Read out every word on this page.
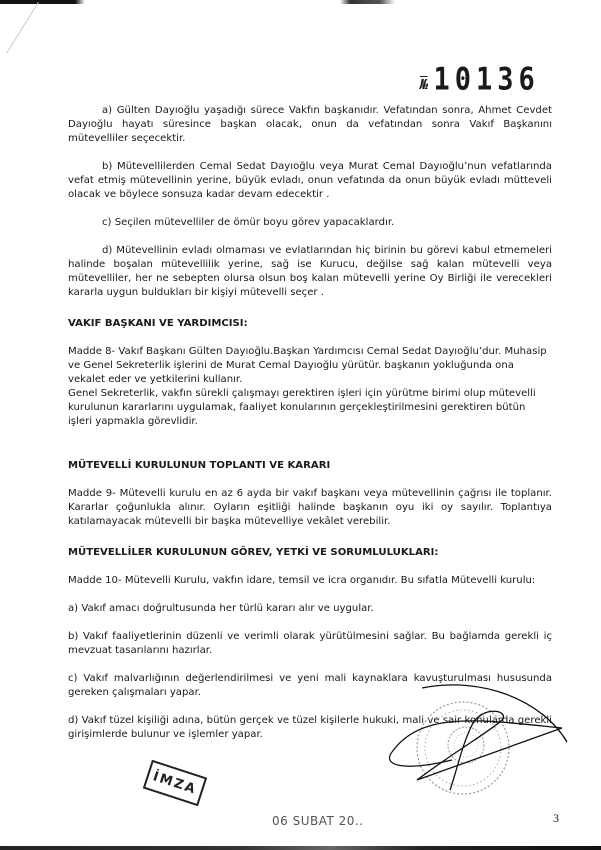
№ 10136

a) Gülten Dayıoğlu yaşadığı sürece Vakfın başkanıdır. Vefatından sonra, Ahmet Cevdet Dayıoğlu hayatı süresince başkan olacak, onun da vefatından sonra Vakıf Başkanını mütevelliler seçecektir.

b) Mütevellilerden Cemal Sedat Dayıoğlu veya Murat Cemal Dayıoğlu’nun vefatlarında vefat etmiş mütevellinin yerine, büyük evladı, onun vefatında da onun büyük evladı mütteveli olacak ve böylece sonsuza kadar devam edecektir .

c) Seçilen mütevelliler de ömür boyu görev yapacaklardır.

d) Mütevellinin evladı olmaması ve evlatlarından hiç birinin bu görevi kabul etmemeleri halinde boşalan mütevellilik yerine, sağ ise Kurucu, değilse sağ kalan mütevelli veya mütevelliler, her ne sebepten olursa olsun boş kalan mütevelli yerine Oy Birliği ile verecekleri kararla uygun buldukları bir kişiyi mütevelli seçer .

VAKIF BAŞKANI VE YARDIMCISI:

Madde 8- Vakıf Başkanı Gülten Dayıoğlu.Başkan Yardımcısı Cemal Sedat Dayıoğlu’dur. Muhasip ve Genel Sekreterlik işlerini de Murat Cemal Dayıoğlu yürütür. başkanın yokluğunda ona vekalet eder ve yetkilerini kullanır.

Genel Sekreterlik, vakfın sürekli çalışmayı gerektiren işleri için yürütme birimi olup mütevelli kurulunun kararlarını uygulamak, faaliyet konularının gerçekleştirilmesini gerektiren bütün işleri yapmakla görevlidir.

MÜTEVELLİ KURULUNUN TOPLANTI VE KARARI

Madde 9- Mütevelli kurulu en az 6 ayda bir vakıf başkanı veya mütevellinin çağrısı ile toplanır. Kararlar çoğunlukla alınır. Oyların eşitliği halinde başkanın oyu iki oy sayılır. Toplantıya katılamayacak mütevelli bir başka mütevelliye vekâlet verebilir.

MÜTEVELLİLER KURULUNUN GÖREV, YETKİ VE SORUMLULUKLARI:

Madde 10- Mütevelli Kurulu, vakfın idare, temsil ve icra organıdır. Bu sıfatla Mütevelli kurulu:

a) Vakıf amacı doğrultusunda her türlü kararı alır ve uygular.

b) Vakıf faaliyetlerinin düzenli ve verimli olarak yürütülmesini sağlar. Bu bağlamda gerekli iç mevzuat tasarılarını hazırlar.

c) Vakıf malvarlığının değerlendirilmesi ve yeni mali kaynaklara kavuşturulması hususunda gereken çalışmaları yapar.

d) Vakıf tüzel kişiliği adına, bütün gerçek ve tüzel kişilerle hukuki, mali ve sair konularda gerekli girişimlerde bulunur ve işlemler yapar.

İMZA
06 SUBAT 20..	3
